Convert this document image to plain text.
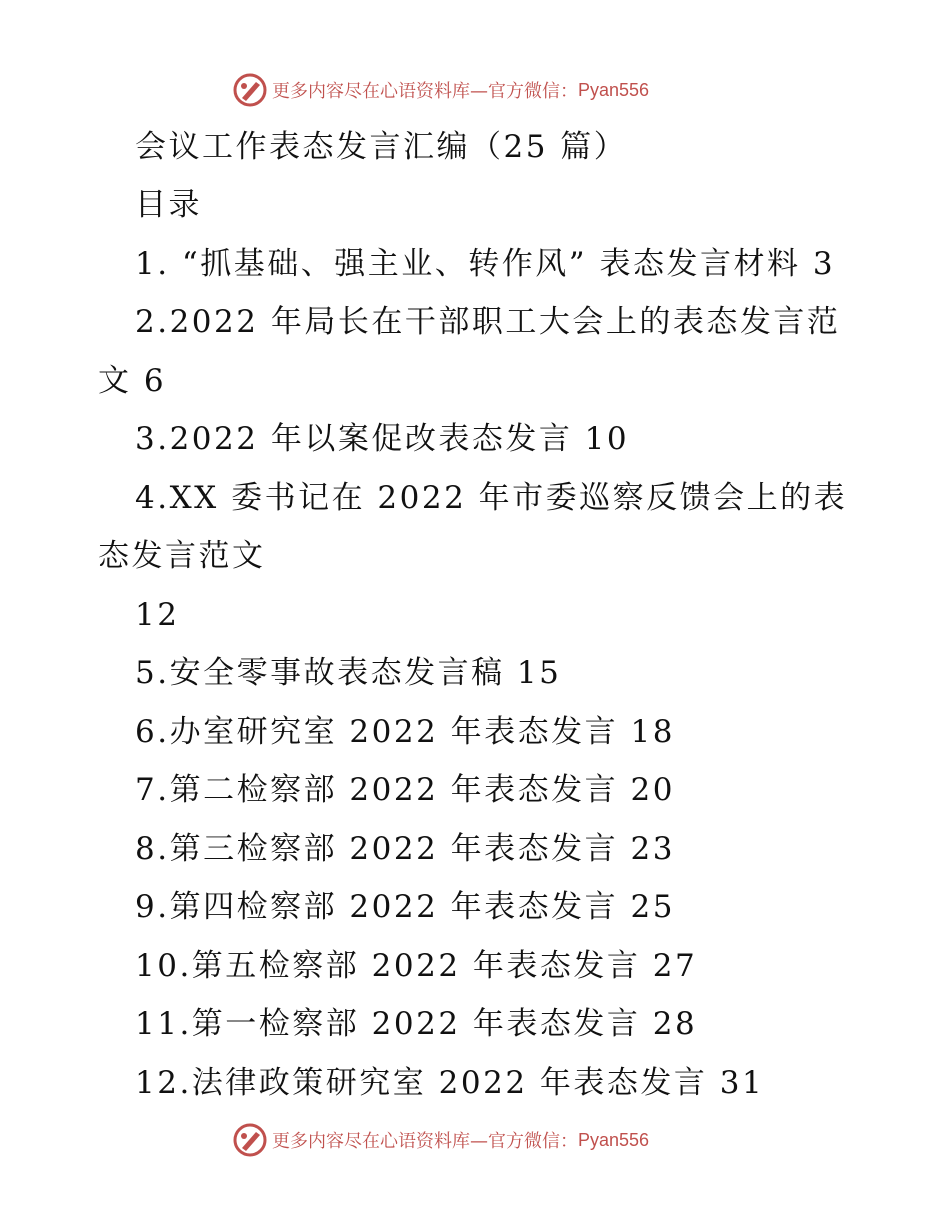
更多内容尽在心语资料库—官方微信： Pyan556
会议工作表态发言汇编（25 篇）
目录
1. “抓基础、强主业、转作风” 表态发言材料 3
2.2022 年局长在干部职工大会上的表态发言范
文 6
3.2022 年以案促改表态发言 10
4.XX 委书记在 2022 年市委巡察反馈会上的表
态发言范文
12
5.安全零事故表态发言稿 15
6.办室研究室 2022 年表态发言 18
7.第二检察部 2022 年表态发言 20
8.第三检察部 2022 年表态发言 23
9.第四检察部 2022 年表态发言 25
10.第五检察部 2022 年表态发言 27
11.第一检察部 2022 年表态发言 28
12.法律政策研究室 2022 年表态发言 31
更多内容尽在心语资料库—官方微信： Pyan556
